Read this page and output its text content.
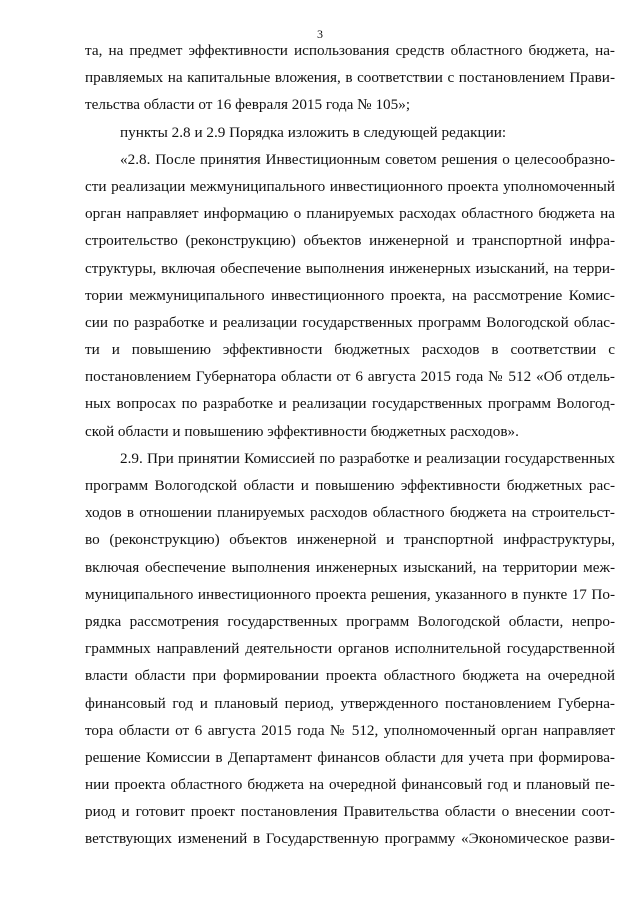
3
та, на предмет эффективности использования средств областного бюджета, на-
правляемых на капитальные вложения, в соответствии с постановлением Прави-
тельства области от 16 февраля 2015 года № 105»;
пункты 2.8 и 2.9 Порядка изложить в следующей редакции:
«2.8. После принятия Инвестиционным советом решения о целесообразно-
сти реализации межмуниципального инвестиционного проекта уполномоченный
орган направляет информацию о планируемых расходах областного бюджета на
строительство (реконструкцию) объектов инженерной и транспортной инфра-
структуры, включая обеспечение выполнения инженерных изысканий, на терри-
тории межмуниципального инвестиционного проекта, на рассмотрение Комис-
сии по разработке и реализации государственных программ Вологодской облас-
ти и повышению эффективности бюджетных расходов в соответствии с
постановлением Губернатора области от 6 августа 2015 года № 512 «Об отдель-
ных вопросах по разработке и реализации государственных программ Вологод-
ской области и повышению эффективности бюджетных расходов».
2.9. При принятии Комиссией по разработке и реализации государственных
программ Вологодской области и повышению эффективности бюджетных рас-
ходов в отношении планируемых расходов областного бюджета на строительст-
во (реконструкцию) объектов инженерной и транспортной инфраструктуры,
включая обеспечение выполнения инженерных изысканий, на территории меж-
муниципального инвестиционного проекта решения, указанного в пункте 17 По-
рядка рассмотрения государственных программ Вологодской области, непро-
граммных направлений деятельности органов исполнительной государственной
власти области при формировании проекта областного бюджета на очередной
финансовый год и плановый период, утвержденного постановлением Губерна-
тора области от 6 августа 2015 года № 512, уполномоченный орган направляет
решение Комиссии в Департамент финансов области для учета при формирова-
нии проекта областного бюджета на очередной финансовый год и плановый пе-
риод и готовит проект постановления Правительства области о внесении соот-
ветствующих изменений в Государственную программу «Экономическое разви-
